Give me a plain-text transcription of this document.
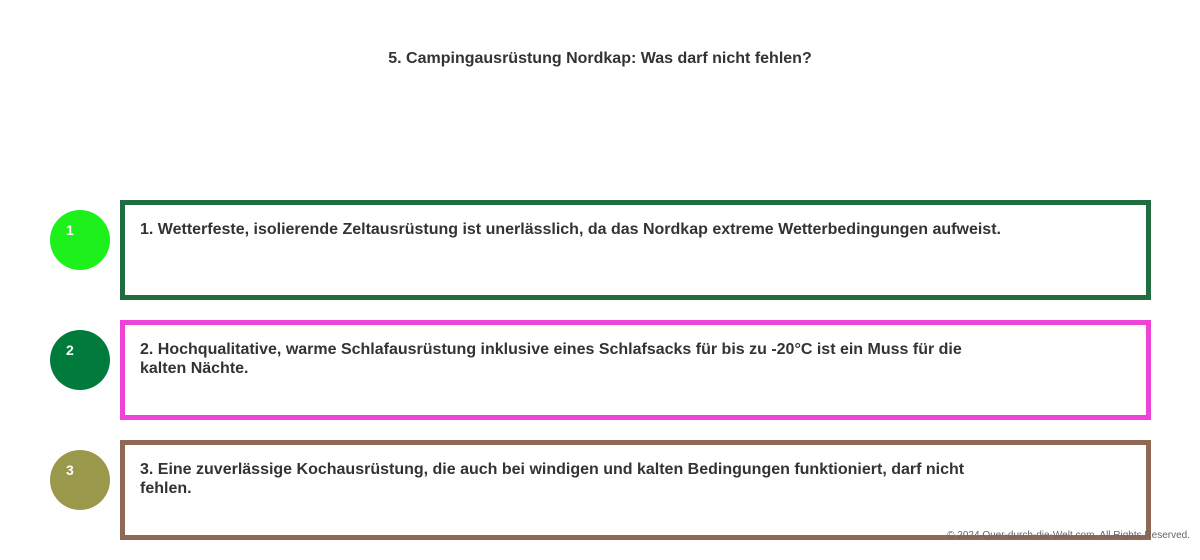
5. Campingausrüstung Nordkap: Was darf nicht fehlen?
1	1. Wetterfeste, isolierende Zeltausrüstung ist unerlässlich, da das Nordkap extreme Wetterbedingungen aufweist.
2	2. Hochqualitative, warme Schlafausrüstung inklusive eines Schlafsacks für bis zu -20°C ist ein Muss für die kalten Nächte.
3	3. Eine zuverlässige Kochausrüstung, die auch bei windigen und kalten Bedingungen funktioniert, darf nicht fehlen.
© 2024 Quer-durch-die-Welt.com. All Rights Reserved.
